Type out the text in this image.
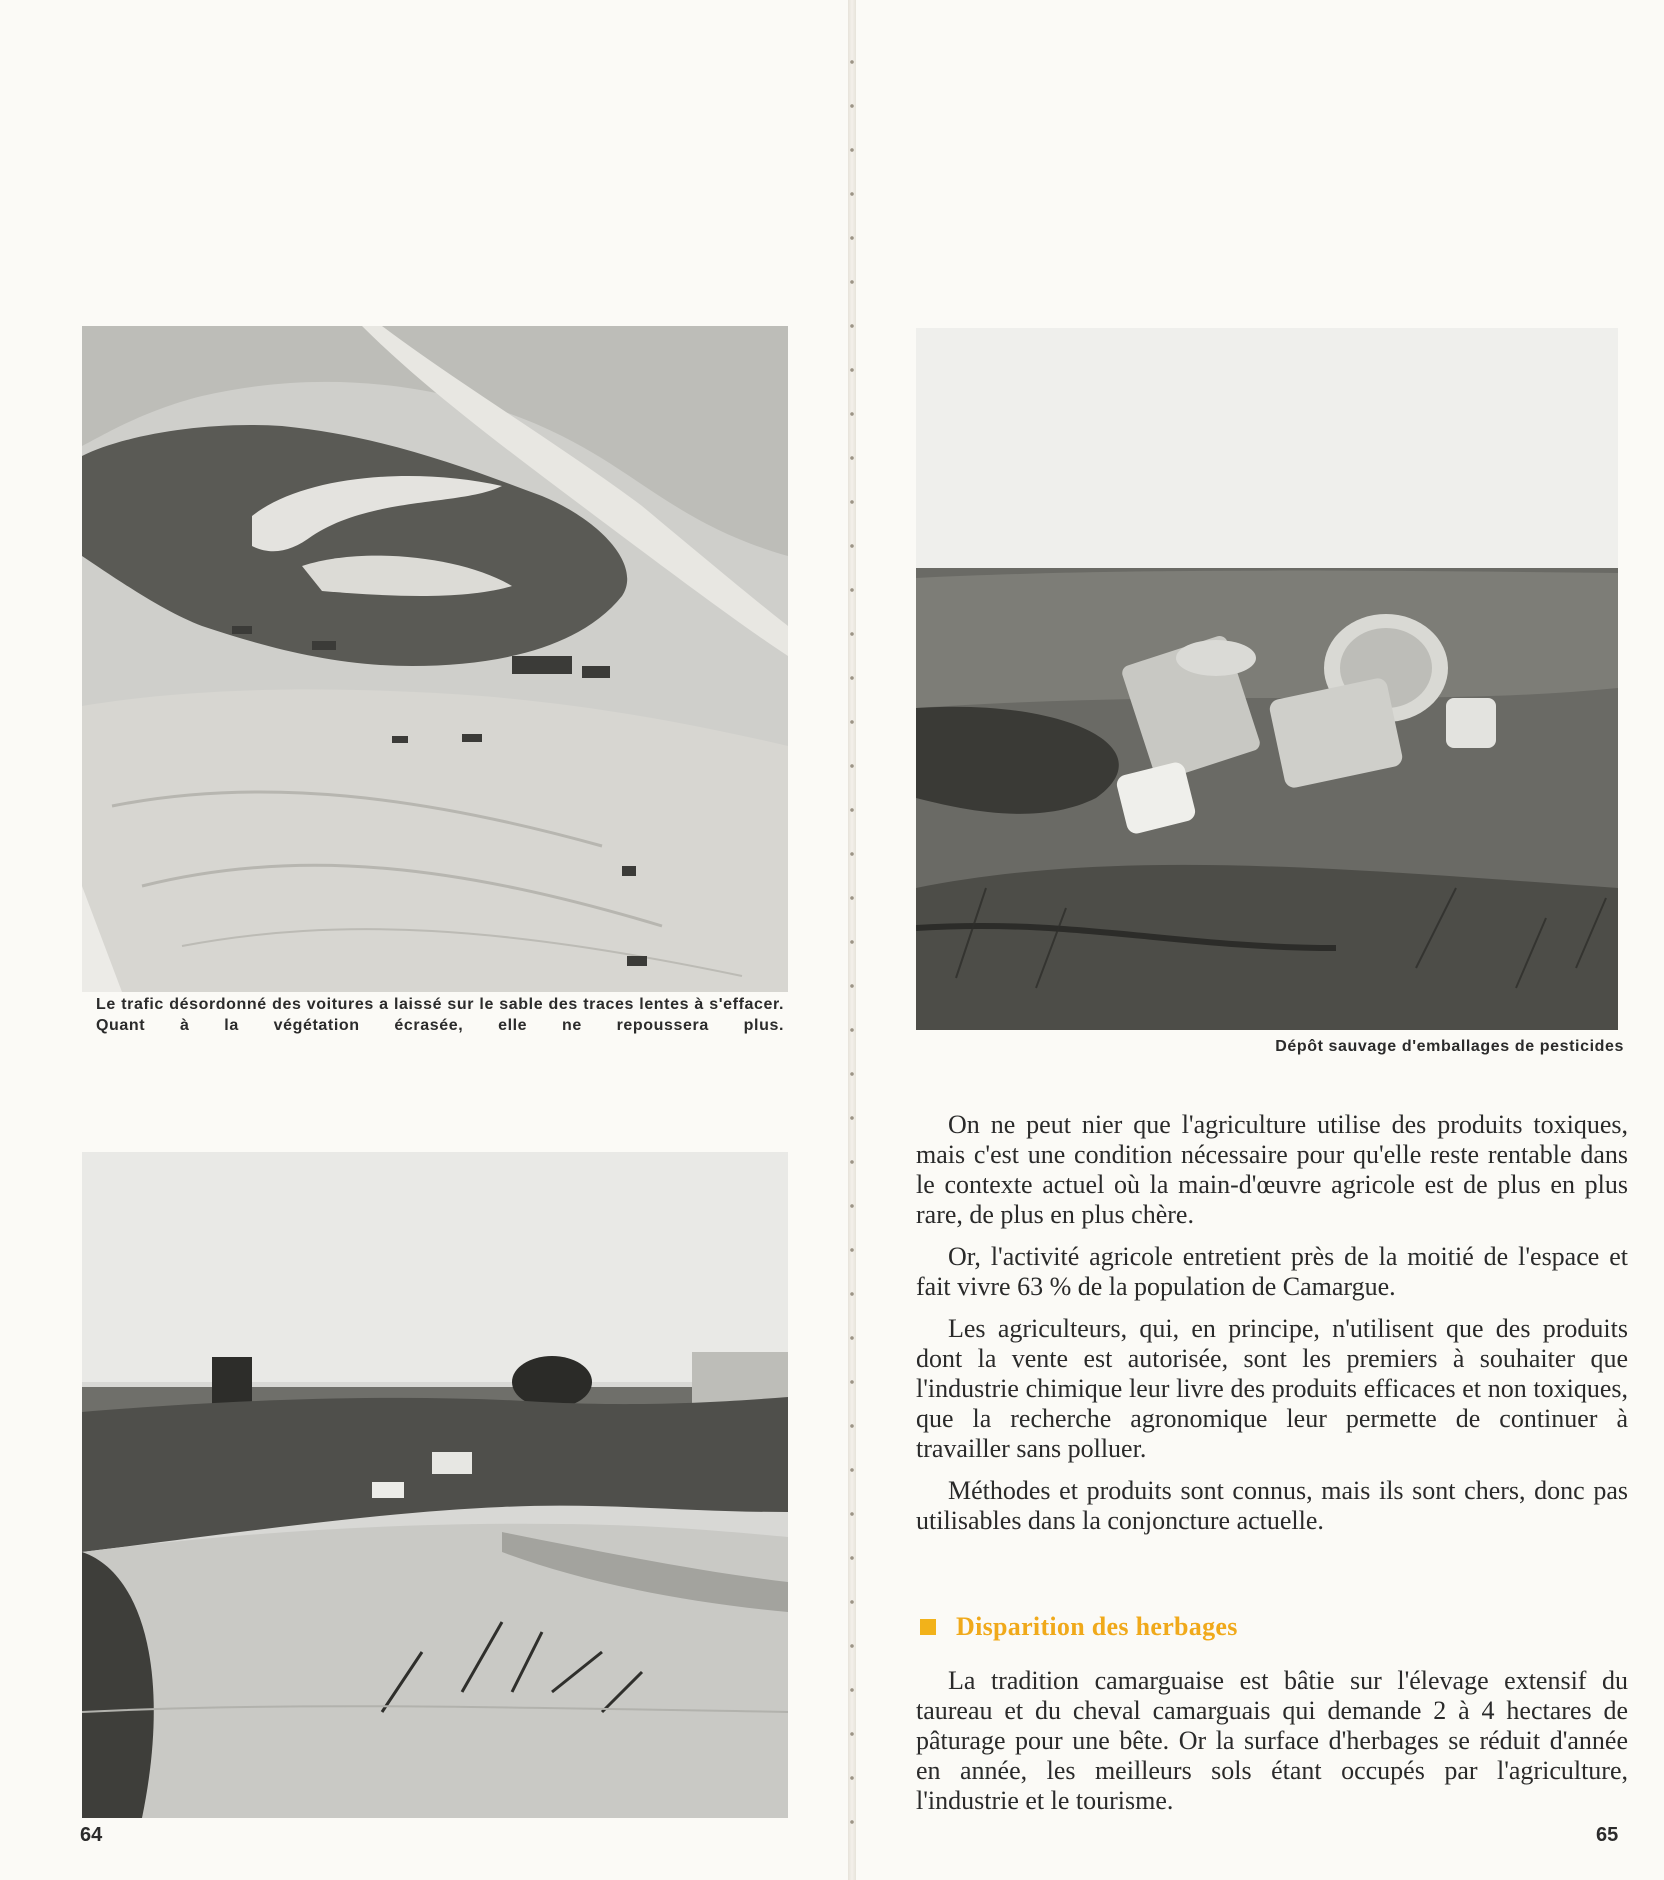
Le trafic désordonné des voitures a laissé sur le sable des traces lentes à s'effacer. Quant à la végétation écrasée, elle ne repoussera plus.
64
Dépôt sauvage d'emballages de pesticides

On ne peut nier que l'agriculture utilise des produits toxiques, mais c'est une condition nécessaire pour qu'elle reste rentable dans le contexte actuel où la main-d'œuvre agricole est de plus en plus rare, de plus en plus chère.

Or, l'activité agricole entretient près de la moitié de l'espace et fait vivre 63 % de la population de Camargue.

Les agriculteurs, qui, en principe, n'utilisent que des produits dont la vente est autorisée, sont les premiers à souhaiter que l'industrie chimique leur livre des produits efficaces et non toxiques, que la recherche agronomique leur permette de continuer à travailler sans polluer.

Méthodes et produits sont connus, mais ils sont chers, donc pas utilisables dans la conjoncture actuelle.

Disparition des herbages

La tradition camarguaise est bâtie sur l'élevage extensif du taureau et du cheval camarguais qui demande 2 à 4 hectares de pâturage pour une bête. Or la surface d'herbages se réduit d'année en année, les meilleurs sols étant occupés par l'agriculture, l'industrie et le tourisme.

65
